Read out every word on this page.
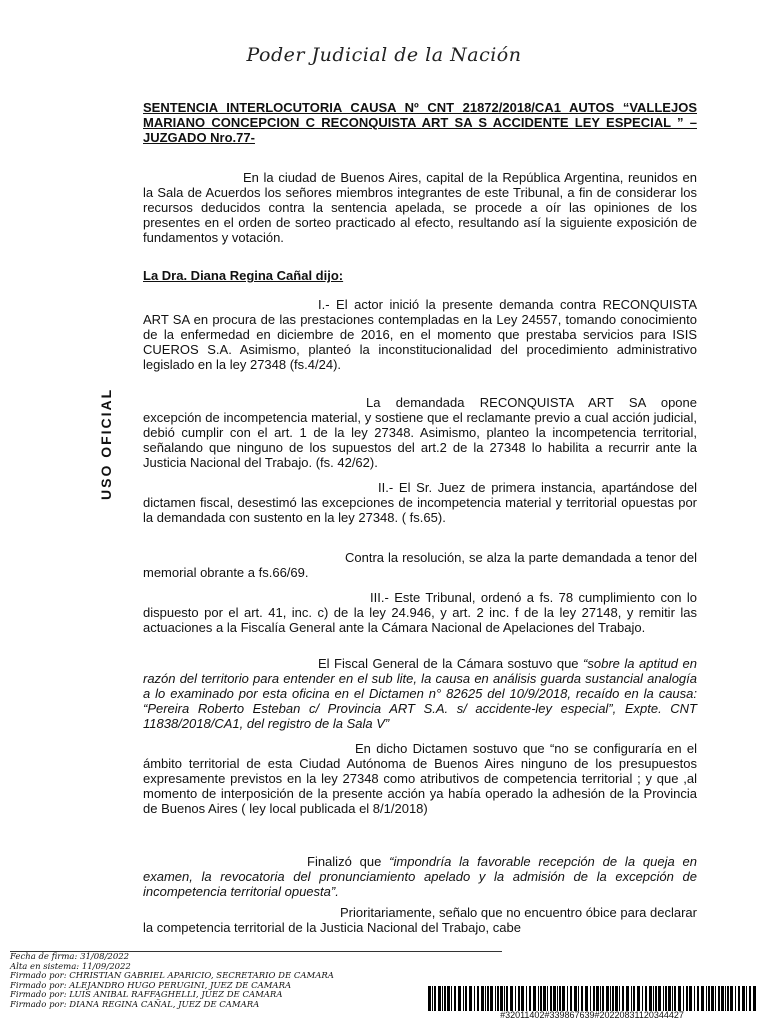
Poder Judicial de la Nación
SENTENCIA INTERLOCUTORIA CAUSA Nº CNT 21872/2018/CA1 AUTOS “VALLEJOS MARIANO CONCEPCION C RECONQUISTA ART SA S ACCIDENTE LEY ESPECIAL ” – JUZGADO Nro.77-
USO OFICIAL
En la ciudad de Buenos Aires, capital de la República Argentina, reunidos en la Sala de Acuerdos los señores miembros integrantes de este Tribunal, a fin de considerar los recursos deducidos contra la sentencia apelada, se procede a oír las opiniones de los presentes en el orden de sorteo practicado al efecto, resultando así la siguiente exposición de fundamentos y votación.
La Dra. Diana Regina Cañal dijo:
I.- El actor inició la presente demanda contra RECONQUISTA ART SA en procura de las prestaciones contempladas en la Ley 24557, tomando conocimiento de la enfermedad en diciembre de 2016, en el momento que prestaba servicios para ISIS CUEROS S.A. Asimismo, planteó la inconstitucionalidad del procedimiento administrativo legislado en la ley 27348 (fs.4/24).
La demandada RECONQUISTA ART SA opone excepción de incompetencia material, y sostiene que el reclamante previo a cual acción judicial, debió cumplir con el art. 1 de la ley 27348. Asimismo, planteo la incompetencia territorial, señalando que ninguno de los supuestos del art.2 de la 27348 lo habilita a recurrir ante la Justicia Nacional del Trabajo. (fs. 42/62).
II.- El Sr. Juez de primera instancia, apartándose del dictamen fiscal, desestimó las excepciones de incompetencia material y territorial opuestas por la demandada con sustento en la ley 27348. ( fs.65).
Contra la resolución, se alza la parte demandada a tenor del memorial obrante a fs.66/69.
III.- Este Tribunal, ordenó a fs. 78 cumplimiento con lo dispuesto por el art. 41, inc. c) de la ley 24.946, y art. 2 inc. f de la ley 27148, y remitir las actuaciones a la Fiscalía General ante la Cámara Nacional de Apelaciones del Trabajo.
El Fiscal General de la Cámara sostuvo que “sobre la aptitud en razón del territorio para entender en el sub lite, la causa en análisis guarda sustancial analogía a lo examinado por esta oficina en el Dictamen n° 82625 del 10/9/2018, recaído en la causa: “Pereira Roberto Esteban c/ Provincia ART S.A. s/ accidente-ley especial”, Expte. CNT 11838/2018/CA1, del registro de la Sala V”
En dicho Dictamen sostuvo que “no se configuraría en el ámbito territorial de esta Ciudad Autónoma de Buenos Aires ninguno de los presupuestos expresamente previstos en la ley 27348 como atributivos de competencia territorial ; y que ,al momento de interposición de la presente acción ya había operado la adhesión de la Provincia de Buenos Aires ( ley local publicada el 8/1/2018)
Finalizó que “impondría la favorable recepción de la queja en examen, la revocatoria del pronunciamiento apelado y la admisión de la excepción de incompetencia territorial opuesta”.
Prioritariamente, señalo que no encuentro óbice para declarar la competencia territorial de la Justicia Nacional del Trabajo, cabe
Fecha de firma: 31/08/2022
Alta en sistema: 11/09/2022
Firmado por: CHRISTIAN GABRIEL APARICIO, SECRETARIO DE CAMARA
Firmado por: ALEJANDRO HUGO PERUGINI, JUEZ DE CAMARA
Firmado por: LUIS ANIBAL RAFFAGHELLI, JUEZ DE CAMARA
Firmado por: DIANA REGINA CAÑAL, JUEZ DE CAMARA
#32011402#339867639#20220831120344427
